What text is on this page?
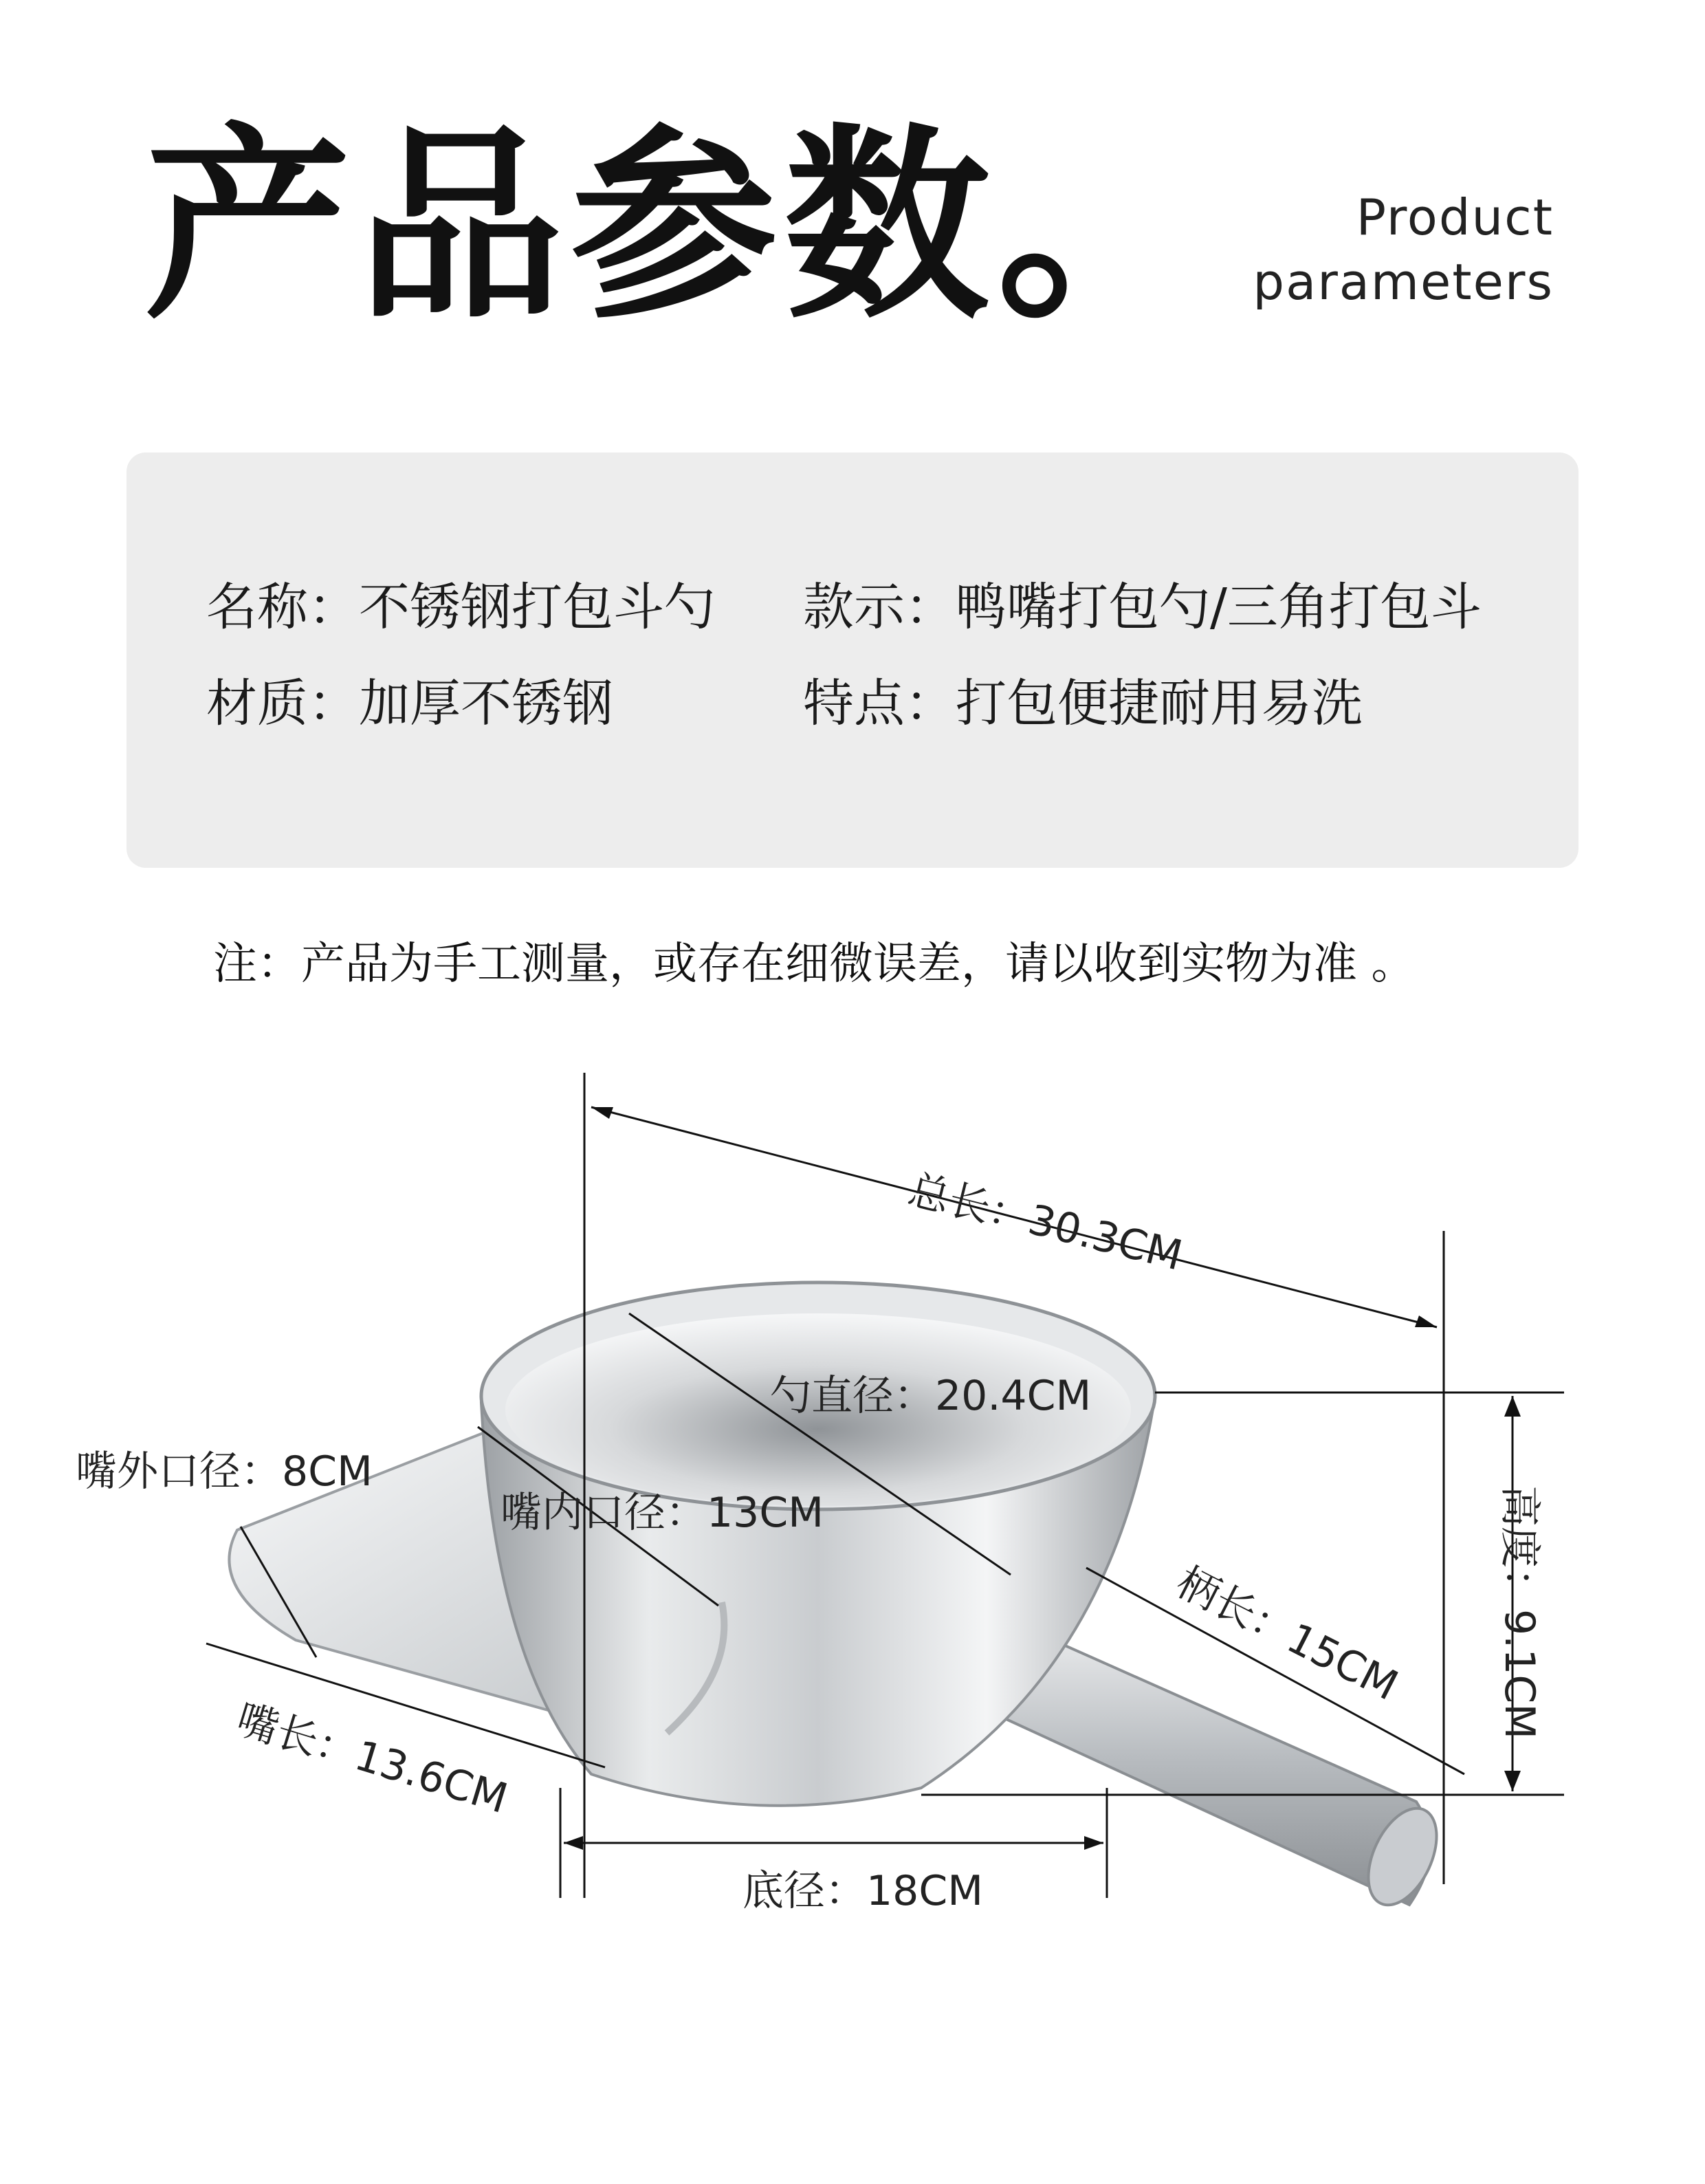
产品参数。	Product
parameters
名称：不锈钢打包斗勺 款示：鸭嘴打包勺/三角打包斗
材质：加厚不锈钢	特点：打包便捷耐用易洗
注：产品为手工测量，或存在细微误差，请以收到实物为准 。
总长：30.3CM
勺直径：20.4CM
嘴外口径：8CM
嘴内口径：13CM
柄长：15CM 高度：9.1CM
嘴长：13.6CM
底径：18CM
